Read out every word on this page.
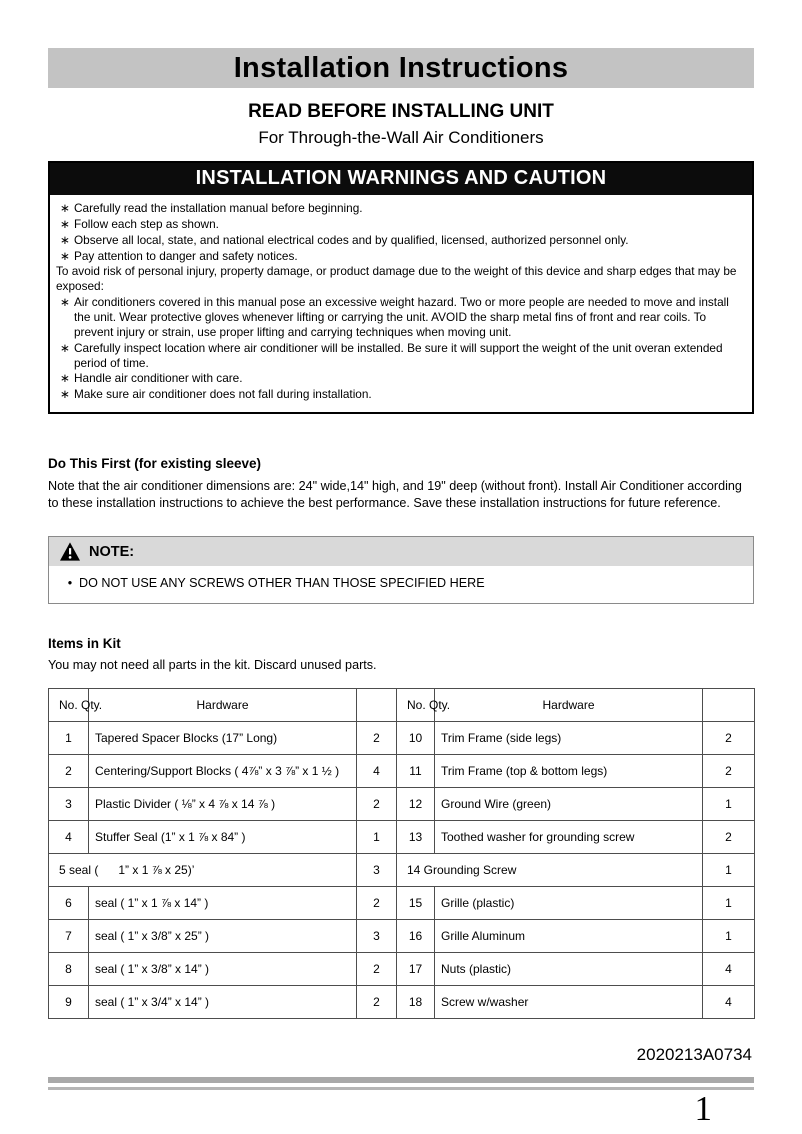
Installation Instructions
READ BEFORE INSTALLING UNIT
For Through-the-Wall Air Conditioners
INSTALLATION WARNINGS AND CAUTION
∗
Carefully read the installation manual before beginning.
∗
Follow each step as shown.
∗
Observe all local, state, and national electrical codes and by qualified, licensed, authorized personnel only.
∗
Pay attention to danger and safety notices.

To avoid risk of personal injury, property damage, or product damage due to the weight of this device and sharp edges that may be exposed:

∗
Air conditioners covered in this manual pose an excessive weight hazard. Two or more people are needed to move and install the unit. Wear protective gloves whenever lifting or carrying the unit. AVOID the sharp metal fins of front and rear coils. To prevent injury or strain, use proper lifting and carrying techniques when moving unit.
∗
Carefully inspect location where air conditioner will be installed. Be sure it will support the weight of the unit overan extended period of time.
∗
Handle air conditioner with care.
∗
Make sure air conditioner does not fall during installation.
Do This First (for existing sleeve)

Note that the air conditioner dimensions are: 24" wide,14" high, and 19" deep (without front). Install Air Conditioner according to these installation instructions to achieve the best performance. Save these installation instructions for future reference.

NOTE:
•
DO NOT USE ANY SCREWS OTHER THAN THOSE SPECIFIED HERE
Items in Kit

You may not need all parts in the kit. Discard unused parts.

No. Qty.	Hardware		No. Qty.	Hardware	
1	Tapered Spacer Blocks (17” Long)	2	10	Trim Frame (side legs)	2
2	Centering/Support Blocks ( 4⅞” x 3 ⅞” x 1 ½ )	4	11	Trim Frame (top & bottom legs)	2
3	Plastic Divider ( ⅛” x 4 ⅞ x 14 ⅞ )	2	12	Ground Wire (green)	1
4	Stuffer Seal (1” x 1 ⅞ x 84” )	1	13	Toothed washer for grounding screw	2
5 seal (      1” x 1 ⅞ x 25)’		3	14 Grounding Screw		1
6	seal ( 1” x 1 ⅞ x 14” )	2	15	Grille (plastic)	1
7	seal ( 1” x 3/8” x 25” )	3	16	Grille Aluminum	1
8	seal ( 1” x 3/8” x 14” )	2	17	Nuts (plastic)	4
9	seal ( 1” x 3/4” x 14” )	2	18	Screw w/washer	4
2020213A0734
1
